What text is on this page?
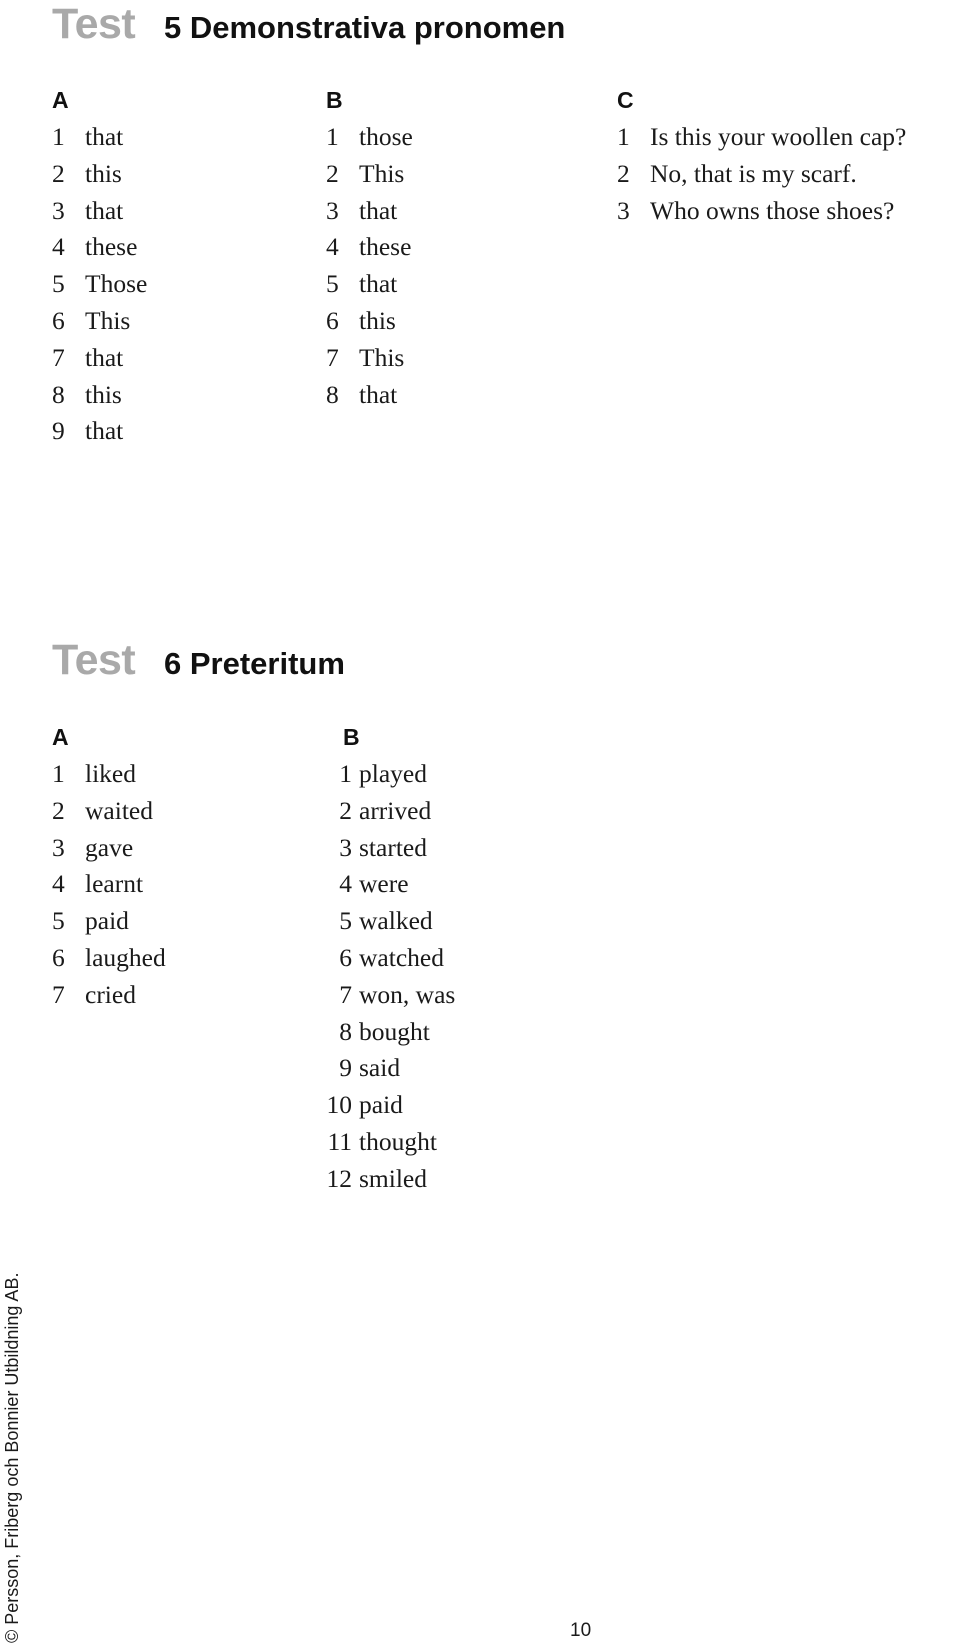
Test 5 Demonstrativa pronomen
A
1 that
2 this
3 that
4 these
5 Those
6 This
7 that
8 this
9 that
B
1 those
2 This
3 that
4 these
5 that
6 this
7 This
8 that
C
1 Is this your woollen cap?
2 No, that is my scarf.
3 Who owns those shoes?
Test 6 Preteritum
A
1 liked
2 waited
3 gave
4 learnt
5 paid
6 laughed
7 cried
B
1 played
2 arrived
3 started
4 were
5 walked
6 watched
7 won, was
8 bought
9 said
10 paid
11 thought
12 smiled
© Persson, Friberg och Bonnier Utbildning AB.	10
